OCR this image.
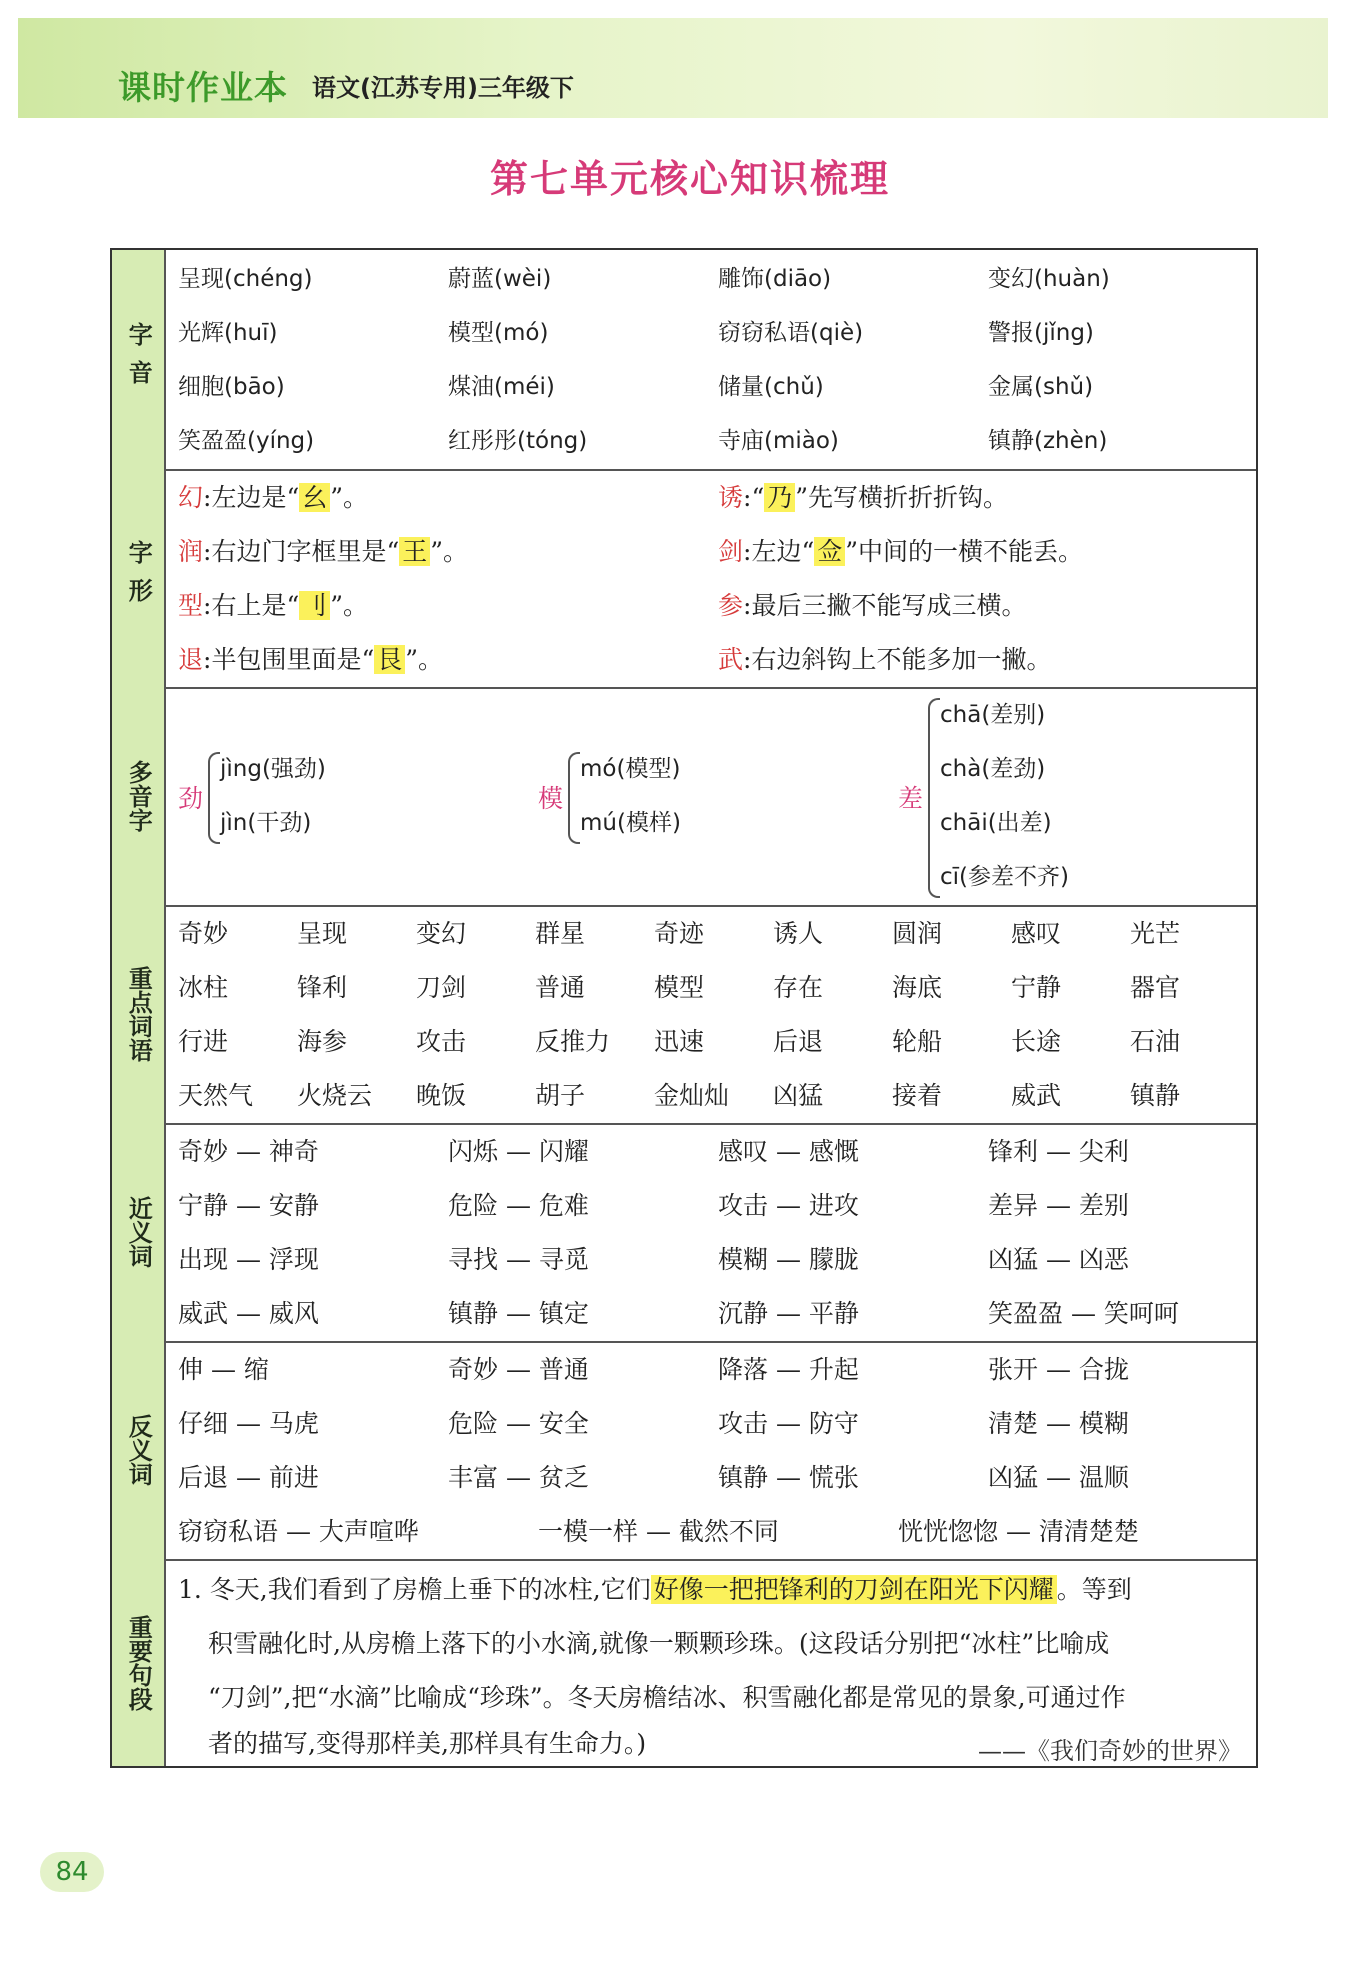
课时作业本 语文(江苏专用)三年级下
第七单元核心知识梳理
字音
呈现(chéng)	蔚蓝(wèi)	雕饰(diāo)	变幻(huàn)
光辉(huī)	模型(mó)	窃窃私语(qiè)	警报(jǐng)
细胞(bāo)	煤油(méi)	储量(chǔ)	金属(shǔ)
笑盈盈(yíng)	红彤彤(tóng)	寺庙(miào)	镇静(zhèn)
字形
幻:左边是“ 幺 ”。	诱:“ 乃 ”先写横折折折钩。
润:右边门字框里是“ 王 ”。	剑:左边“ 佥 ”中间的一横不能丢。
型:右上是“ 刂 ”。	参:最后三撇不能写成三横。
退:半包围里面是“ 艮 ”。	武:右边斜钩上不能多加一撇。
多音字 劲
jìng(强劲)
jìn(干劲)
模
mó(模型)
mú(模样)
差
chā(差别)
chà(差劲)
chāi(出差)
cī(参差不齐)
重点词语
奇妙	呈现	变幻	群星	奇迹	诱人	圆润	感叹	光芒
冰柱	锋利	刀剑	普通	模型	存在	海底	宁静	器官
行进	海参	攻击	反推力 迅速	后退	轮船	长途	石油
天然气 火烧云 晚饭	胡子	金灿灿 凶猛	接着	威武	镇静
近义词
奇妙 — 神奇	闪烁 — 闪耀	感叹 — 感慨	锋利 — 尖利
宁静 — 安静	危险 — 危难	攻击 — 进攻	差异 — 差别
出现 — 浮现	寻找 — 寻觅	模糊 — 朦胧	凶猛 — 凶恶
威武 — 威风	镇静 — 镇定	沉静 — 平静	笑盈盈 — 笑呵呵
反义词
伸 — 缩	奇妙 — 普通	降落 — 升起	张开 — 合拢
仔细 — 马虎	危险 — 安全	攻击 — 防守	清楚 — 模糊
后退 — 前进	丰富 — 贫乏	镇静 — 慌张	凶猛 — 温顺
窃窃私语 — 大声喧哗	一模一样 — 截然不同	恍恍惚惚 — 清清楚楚
重要句段
1. 冬天,我们看到了房檐上垂下的冰柱,它们 好像一把把锋利的刀剑在阳光下闪耀 。等到
积雪融化时,从房檐上落下的小水滴,就像一颗颗珍珠。(这段话分别把“冰柱”比喻成
“刀剑”,把“水滴”比喻成“珍珠”。冬天房檐结冰、积雪融化都是常见的景象,可通过作
者的描写,变得那样美,那样具有生命力。)	——《我们奇妙的世界》
84
